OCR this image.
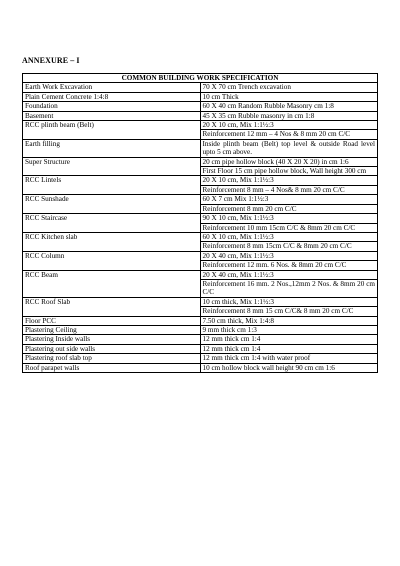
ANNEXURE – I
COMMON BUILDING WORK SPECIFICATION	
Earth Work Excavation	70 X 70 cm Trench excavation
Plain Cement Concrete 1:4:8	10 cm Thick
Foundation	60 X 40 cm Random Rubble Masonry cm 1:8
Basement	45 X 35 cm Rubble masonry in cm 1:8
RCC plinth beam (Belt)	20 X 10 cm, Mix 1:1½:3
	Reinforcement 12 mm – 4 Nos & 8 mm 20 cm C/C
Earth filling	Inside plinth beam (Belt) top level & outside Road level upto 5 cm above.
Super Structure	20 cm pipe hollow block (40 X 20 X 20) in cm 1:6
	First Floor 15 cm pipe hollow block, Wall height 300 cm
RCC Lintels	20 X 10 cm, Mix 1:1½:3
	Reinforcement 8 mm – 4 Nos& 8 mm 20 cm C/C
RCC Sunshade	60 X 7 cm Mix 1:1½:3
	Reinforcement 8 mm 20 cm C/C
RCC Staircase	90 X 10 cm, Mix 1:1½:3
	Reinforcement 10 mm 15cm C/C & 8mm 20 cm C/C
RCC Kitchen slab	60 X 10 cm, Mix 1:1½:3
	Reinforcement 8 mm 15cm C/C & 8mm 20 cm C/C
RCC Column	20 X 40 cm, Mix 1:1½:3
	Reinforcement 12 mm. 6 Nos. & 8mm 20 cm C/C
RCC Beam	20 X 40 cm, Mix 1:1½:3
	Reinforcement 16 mm. 2 Nos.,12mm 2 Nos. & 8mm 20 cm C/C
RCC Roof Slab	10 cm thick, Mix 1:1½:3
	Reinforcement 8 mm 15 cm C/C& 8 mm 20 cm C/C
Floor PCC	7.50 cm thick, Mix 1:4:8
Plastering Ceiling	9 mm thick cm 1:3
Plastering Inside walls	12 mm thick cm 1:4
Plastering out side walls	12 mm thick cm 1:4
Plastering roof slab top	12 mm thick cm 1:4 with water proof
Roof parapet walls	10 cm hollow block wall height 90 cm cm 1:6
